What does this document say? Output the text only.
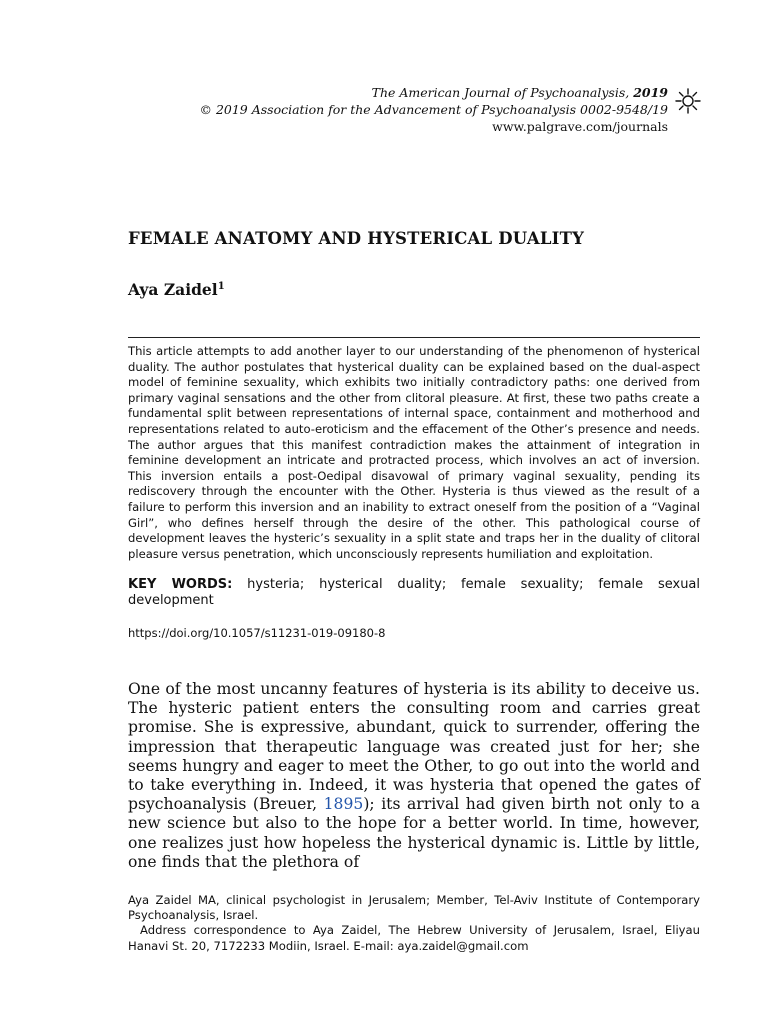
The American Journal of Psychoanalysis, 2019
© 2019 Association for the Advancement of Psychoanalysis 0002-9548/19
www.palgrave.com/journals
FEMALE ANATOMY AND HYSTERICAL DUALITY
Aya Zaidel$^1$
This article attempts to add another layer to our understanding of the phenomenon of hysterical duality. The author postulates that hysterical duality can be explained based on the dual-aspect model of feminine sexuality, which exhibits two initially contradictory paths: one derived from primary vaginal sensations and the other from clitoral pleasure. At first, these two paths create a fundamental split between representations of internal space, containment and motherhood and representations related to auto-eroticism and the effacement of the Other’s presence and needs. The author argues that this manifest contradiction makes the attainment of integration in feminine development an intricate and protracted process, which involves an act of inversion. This inversion entails a post-Oedipal disavowal of primary vaginal sexuality, pending its rediscovery through the encounter with the Other. Hysteria is thus viewed as the result of a failure to perform this inversion and an inability to extract oneself from the position of a “Vaginal Girl”, who defines herself through the desire of the other. This pathological course of development leaves the hysteric’s sexuality in a split state and traps her in the duality of clitoral pleasure versus penetration, which unconsciously represents humiliation and exploitation.
KEY WORDS: hysteria; hysterical duality; female sexuality; female sexual development
https://doi.org/10.1057/s11231-019-09180-8
One of the most uncanny features of hysteria is its ability to deceive us. The hysteric patient enters the consulting room and carries great promise. She is expressive, abundant, quick to surrender, offering the impression that therapeutic language was created just for her; she seems hungry and eager to meet the Other, to go out into the world and to take everything in. Indeed, it was hysteria that opened the gates of psychoanalysis (Breuer, 1895); its arrival had given birth not only to a new science but also to the hope for a better world. In time, however, one realizes just how hopeless the hysterical dynamic is. Little by little, one finds that the plethora of

Aya Zaidel MA, clinical psychologist in Jerusalem; Member, Tel-Aviv Institute of Contemporary Psychoanalysis, Israel.

Address correspondence to Aya Zaidel, The Hebrew University of Jerusalem, Israel, Eliyau Hanavi St. 20, 7172233 Modiin, Israel. E-mail: aya.zaidel@gmail.com
